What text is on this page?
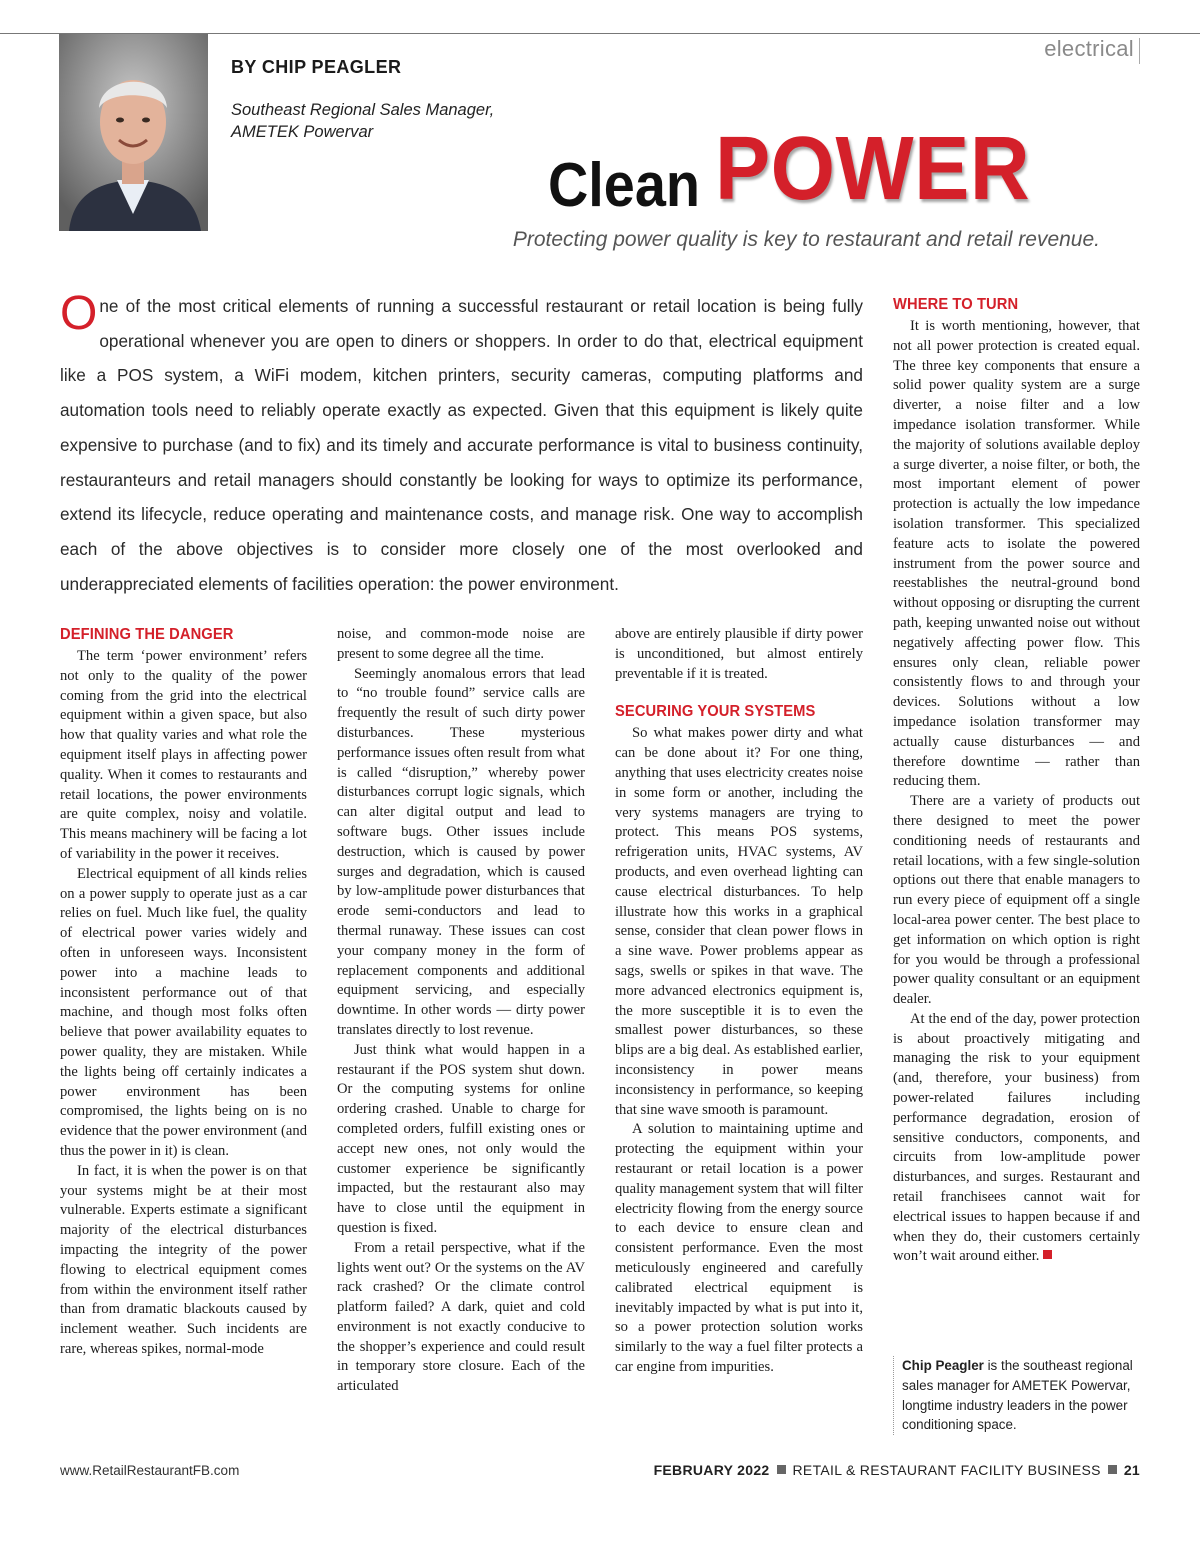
electrical
BY CHIP PEAGLER
Southeast Regional Sales Manager,
AMETEK Powervar
Clean POWER
Protecting power quality is key to restaurant and retail revenue.
One of the most critical elements of running a successful restaurant or retail location is being fully operational whenever you are open to diners or shoppers. In order to do that, electrical equipment like a POS system, a WiFi modem, kitchen printers, security cameras, computing platforms and automation tools need to reliably operate exactly as expected. Given that this equipment is likely quite expensive to purchase (and to fix) and its timely and accurate performance is vital to business continuity, restauranteurs and retail managers should constantly be looking for ways to optimize its performance, extend its lifecycle, reduce operating and maintenance costs, and manage risk. One way to accomplish each of the above objectives is to consider more closely one of the most overlooked and underappreciated elements of facilities operation: the power environment.
DEFINING THE DANGER

The term ‘power environment’ refers not only to the quality of the power coming from the grid into the electrical equipment within a given space, but also how that quality varies and what role the equipment itself plays in affecting power quality. When it comes to restaurants and retail locations, the power environments are quite complex, noisy and volatile. This means machinery will be facing a lot of variability in the power it receives.

Electrical equipment of all kinds relies on a power supply to operate just as a car relies on fuel. Much like fuel, the quality of electrical power varies widely and often in unforeseen ways. Inconsistent power into a machine leads to inconsistent performance out of that machine, and though most folks often believe that power availability equates to power quality, they are mistaken. While the lights being off certainly indicates a power environment has been compromised, the lights being on is no evidence that the power environment (and thus the power in it) is clean.

In fact, it is when the power is on that your systems might be at their most vulnerable. Experts estimate a significant majority of the electrical disturbances impacting the integrity of the power flowing to electrical equipment comes from within the environment itself rather than from dramatic blackouts caused by inclement weather. Such incidents are rare, whereas spikes, normal-mode

noise, and common-mode noise are present to some degree all the time.

Seemingly anomalous errors that lead to “no trouble found” service calls are frequently the result of such dirty power disturbances. These mysterious performance issues often result from what is called “disruption,” whereby power disturbances corrupt logic signals, which can alter digital output and lead to software bugs. Other issues include destruction, which is caused by power surges and degradation, which is caused by low-amplitude power disturbances that erode semi-conductors and lead to thermal runaway. These issues can cost your company money in the form of replacement components and additional equipment servicing, and especially downtime. In other words — dirty power translates directly to lost revenue.

Just think what would happen in a restaurant if the POS system shut down. Or the computing systems for online ordering crashed. Unable to charge for completed orders, fulfill existing ones or accept new ones, not only would the customer experience be significantly impacted, but the restaurant also may have to close until the equipment in question is fixed.

From a retail perspective, what if the lights went out? Or the systems on the AV rack crashed? Or the climate control platform failed? A dark, quiet and cold environment is not exactly conducive to the shopper’s experience and could result in temporary store closure. Each of the articulated

above are entirely plausible if dirty power is unconditioned, but almost entirely preventable if it is treated.

SECURING YOUR SYSTEMS

So what makes power dirty and what can be done about it? For one thing, anything that uses electricity creates noise in some form or another, including the very systems managers are trying to protect. This means POS systems, refrigeration units, HVAC systems, AV products, and even overhead lighting can cause electrical disturbances. To help illustrate how this works in a graphical sense, consider that clean power flows in a sine wave. Power problems appear as sags, swells or spikes in that wave. The more advanced electronics equipment is, the more susceptible it is to even the smallest power disturbances, so these blips are a big deal. As established earlier, inconsistency in power means inconsistency in performance, so keeping that sine wave smooth is paramount.

A solution to maintaining uptime and protecting the equipment within your restaurant or retail location is a power quality management system that will filter electricity flowing from the energy source to each device to ensure clean and consistent performance. Even the most meticulously engineered and carefully calibrated electrical equipment is inevitably impacted by what is put into it, so a power protection solution works similarly to the way a fuel filter protects a car engine from impurities.

WHERE TO TURN

It is worth mentioning, however, that not all power protection is created equal. The three key components that ensure a solid power quality system are a surge diverter, a noise filter and a low impedance isolation transformer. While the majority of solutions available deploy a surge diverter, a noise filter, or both, the most important element of power protection is actually the low impedance isolation transformer. This specialized feature acts to isolate the powered instrument from the power source and reestablishes the neutral-ground bond without opposing or disrupting the current path, keeping unwanted noise out without negatively affecting power flow. This ensures only clean, reliable power consistently flows to and through your devices. Solutions without a low impedance isolation transformer may actually cause disturbances — and therefore downtime — rather than reducing them.

There are a variety of products out there designed to meet the power conditioning needs of restaurants and retail locations, with a few single-solution options out there that enable managers to run every piece of equipment off a single local-area power center. The best place to get information on which option is right for you would be through a professional power quality consultant or an equipment dealer.

At the end of the day, power protection is about proactively mitigating and managing the risk to your equipment (and, therefore, your business) from power-related failures including performance degradation, erosion of sensitive conductors, components, and circuits from low-amplitude power disturbances, and surges. Restaurant and retail franchisees cannot wait for electrical issues to happen because if and when they do, their customers certainly won’t wait around either.

Chip Peagler is the southeast regional sales manager for AMETEK Powervar, longtime industry leaders in the power conditioning space.
www.RetailRestaurantFB.com	FEBRUARY 2022 RETAIL & RESTAURANT FACILITY BUSINESS 21
